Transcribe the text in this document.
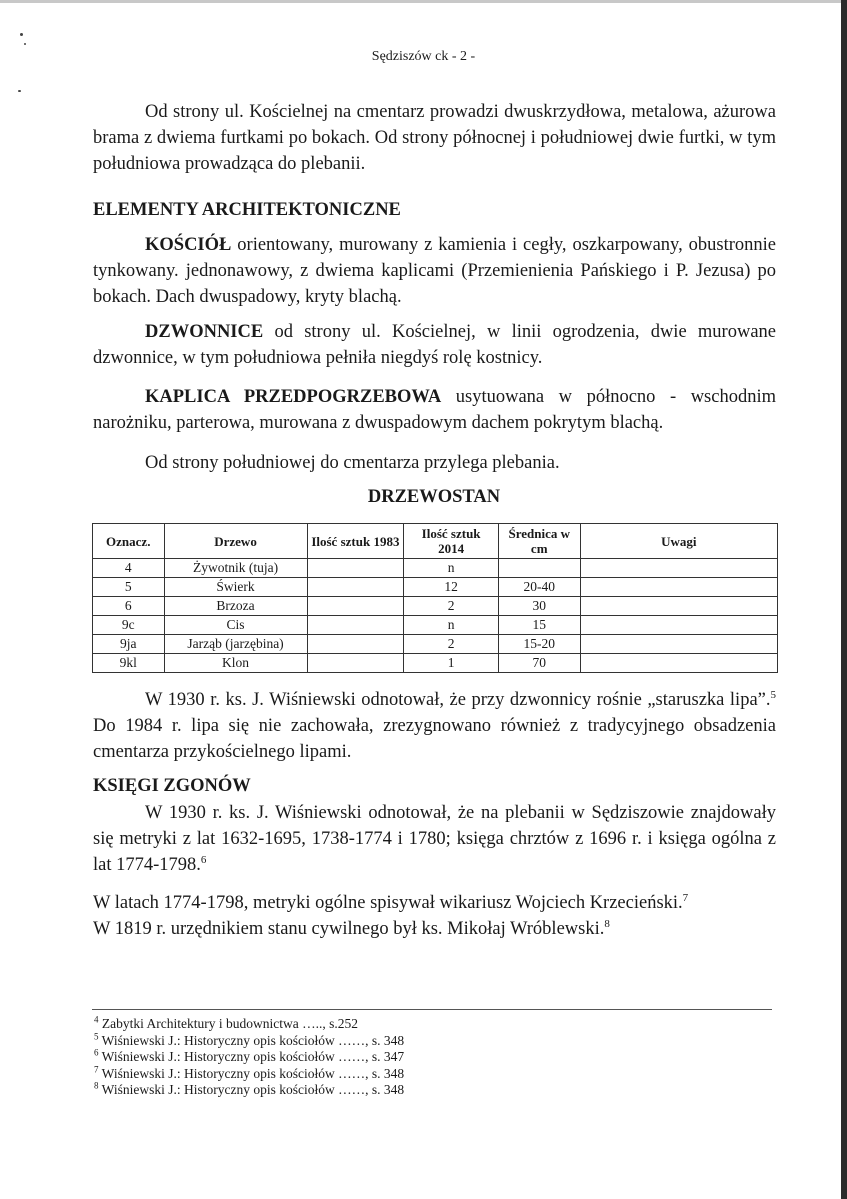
Sędziszów ck - 2 -

Od strony ul. Kościelnej na cmentarz prowadzi dwuskrzydłowa, metalowa, ażurowa brama z dwiema furtkami po bokach. Od strony północnej i południowej dwie furtki, w tym południowa prowadząca do plebanii.

ELEMENTY ARCHITEKTONICZNE

KOŚCIÓŁ orientowany, murowany z kamienia i cegły, oszkarpowany, obustronnie tynkowany. jednonawowy, z dwiema kaplicami (Przemienienia Pańskiego i P. Jezusa) po bokach. Dach dwuspadowy, kryty blachą.

DZWONNICE od strony ul. Kościelnej, w linii ogrodzenia, dwie murowane dzwonnice, w tym południowa pełniła niegdyś rolę kostnicy.

KAPLICA PRZEDPOGRZEBOWA usytuowana w północno - wschodnim narożniku, parterowa, murowana z dwuspadowym dachem pokrytym blachą.

Od strony południowej do cmentarza przylega plebania.

DRZEWOSTAN
Oznacz.	Drzewo	Ilość sztuk 1983	Ilość sztuk 2014	Średnica w cm	Uwagi
4	Żywotnik (tuja)		n		
5	Świerk		12	20-40	
6	Brzoza		2	30	
9c	Cis		n	15	
9ja	Jarząb (jarzębina)		2	15-20	
9kl	Klon		1	70	

W 1930 r. ks. J. Wiśniewski odnotował, że przy dzwonnicy rośnie „staruszka lipa”.$^5$ Do 1984 r. lipa się nie zachowała, zrezygnowano również z tradycyjnego obsadzenia cmentarza przykościelnego lipami.

KSIĘGI ZGONÓW

W 1930 r. ks. J. Wiśniewski odnotował, że na plebanii w Sędziszowie znajdowały się metryki z lat 1632-1695, 1738-1774 i 1780; księga chrztów z 1696 r. i księga ogólna z lat 1774-1798.$^6$

W latach 1774-1798, metryki ogólne spisywał wikariusz Wojciech Krzecieński.$^7$

W 1819 r. urzędnikiem stanu cywilnego był ks. Mikołaj Wróblewski.$^8$

$^4$ Zabytki Architektury i budownictwa ….., s.252
$^5$ Wiśniewski J.: Historyczny opis kościołów ……, s. 348
$^6$ Wiśniewski J.: Historyczny opis kościołów ……, s. 347
$^7$ Wiśniewski J.: Historyczny opis kościołów ……, s. 348
$^8$ Wiśniewski J.: Historyczny opis kościołów ……, s. 348
